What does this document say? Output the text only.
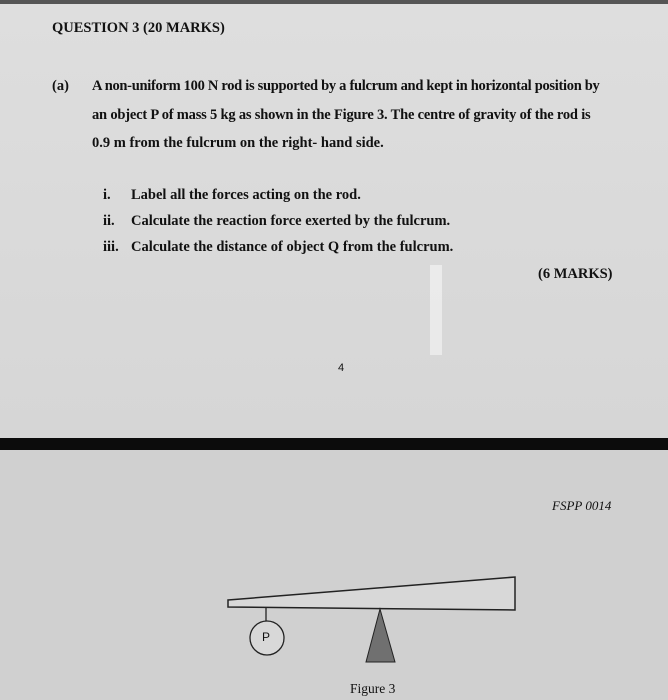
QUESTION 3 (20 MARKS)
(a) A non-uniform 100 N rod is supported by a fulcrum and kept in horizontal position by
an object P of mass 5 kg as shown in the Figure 3. The centre of gravity of the rod is
0.9 m from the fulcrum on the right- hand side.
i. Label all the forces acting on the rod.
ii. Calculate the reaction force exerted by the fulcrum.
iii. Calculate the distance of object Q from the fulcrum.
(6 MARKS)
4
FSPP 0014
P
Figure 3
